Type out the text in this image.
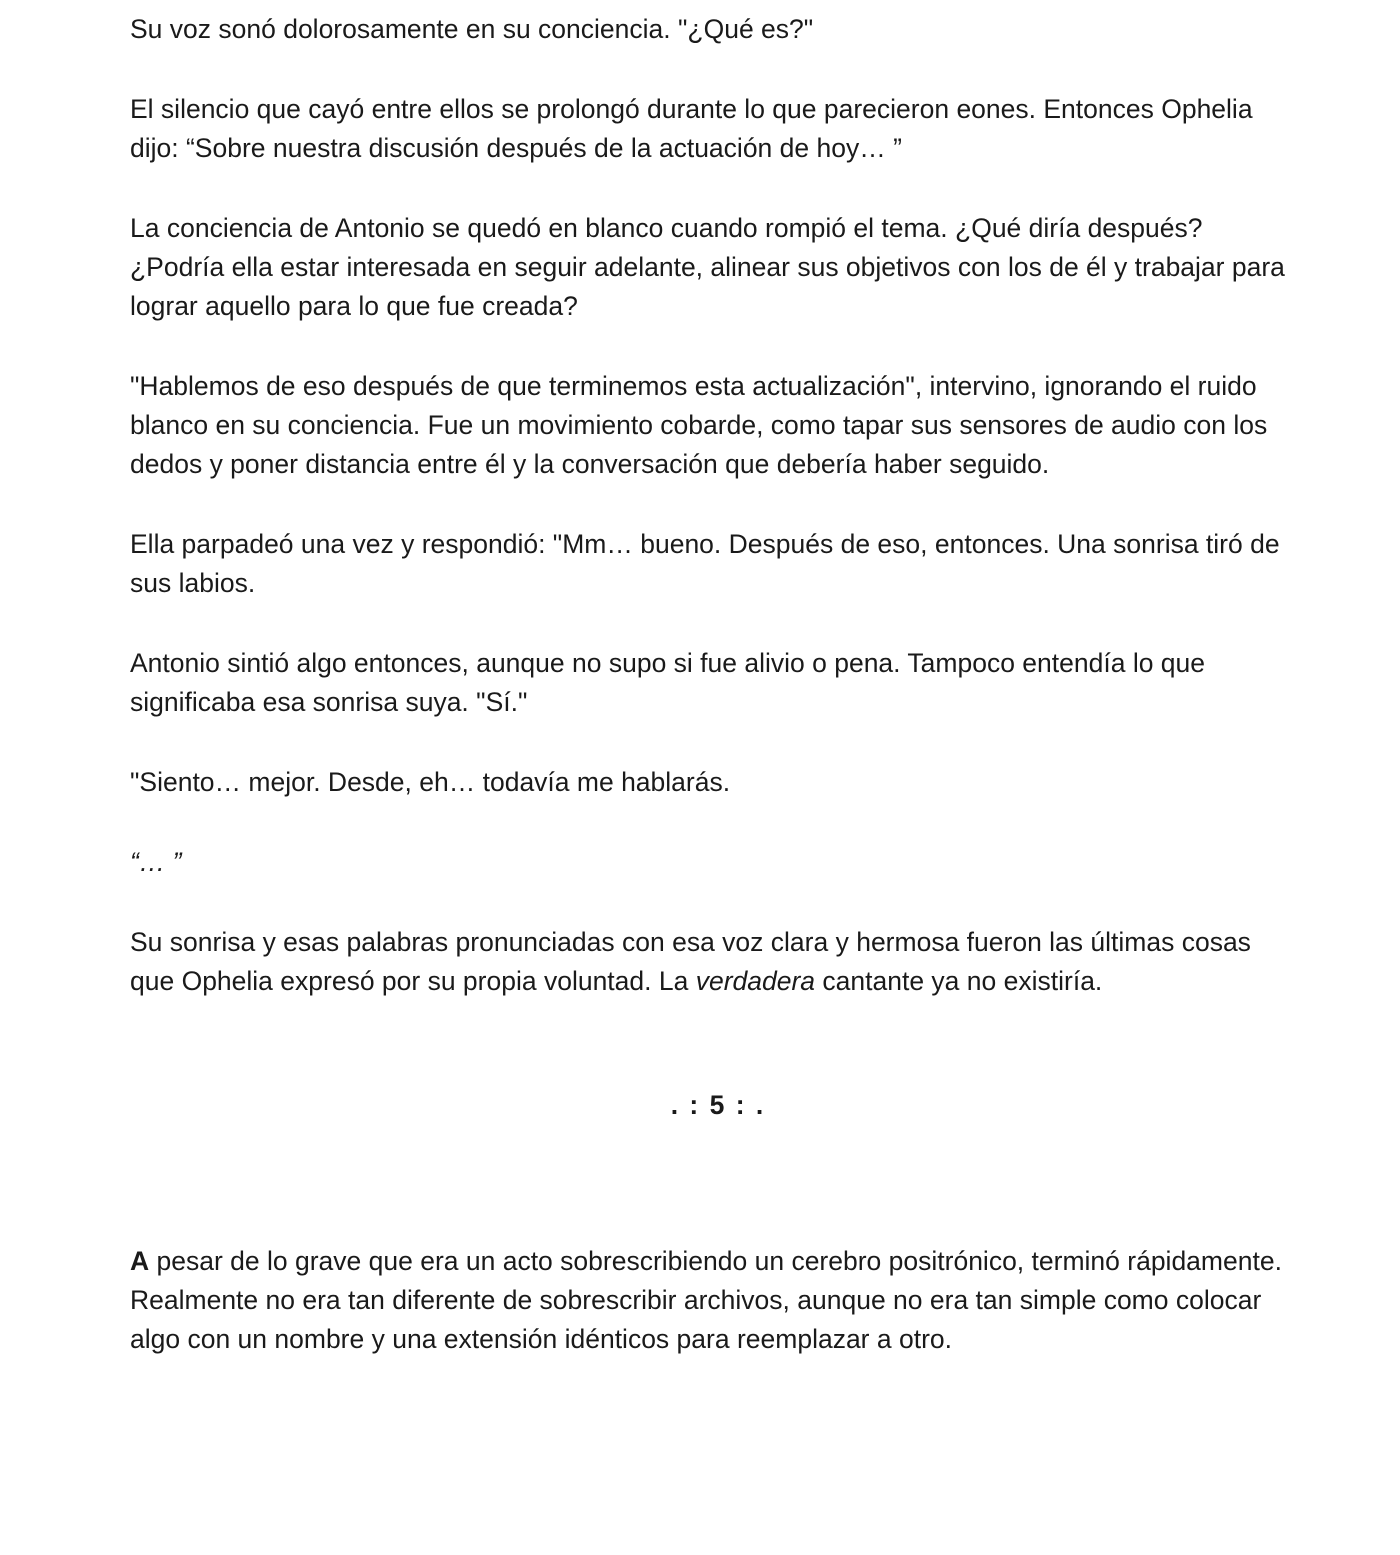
Su voz sonó dolorosamente en su conciencia. "¿Qué es?"

El silencio que cayó entre ellos se prolongó durante lo que parecieron eones. Entonces Ophelia dijo: “Sobre nuestra discusión después de la actuación de hoy… ”

La conciencia de Antonio se quedó en blanco cuando rompió el tema. ¿Qué diría después? ¿Podría ella estar interesada en seguir adelante, alinear sus objetivos con los de él y trabajar para lograr aquello para lo que fue creada?

"Hablemos de eso después de que terminemos esta actualización", intervino, ignorando el ruido blanco en su conciencia. Fue un movimiento cobarde, como tapar sus sensores de audio con los dedos y poner distancia entre él y la conversación que debería haber seguido.

Ella parpadeó una vez y respondió: "Mm… bueno. Después de eso, entonces. Una sonrisa tiró de sus labios.

Antonio sintió algo entonces, aunque no supo si fue alivio o pena. Tampoco entendía lo que significaba esa sonrisa suya. "Sí."

"Siento… mejor. Desde, eh… todavía me hablarás.

“… ”

Su sonrisa y esas palabras pronunciadas con esa voz clara y hermosa fueron las últimas cosas que Ophelia expresó por su propia voluntad. La verdadera cantante ya no existiría.

. : 5 : .

A pesar de lo grave que era un acto sobrescribiendo un cerebro positrónico, terminó rápidamente. Realmente no era tan diferente de sobrescribir archivos, aunque no era tan simple como colocar algo con un nombre y una extensión idénticos para reemplazar a otro.
